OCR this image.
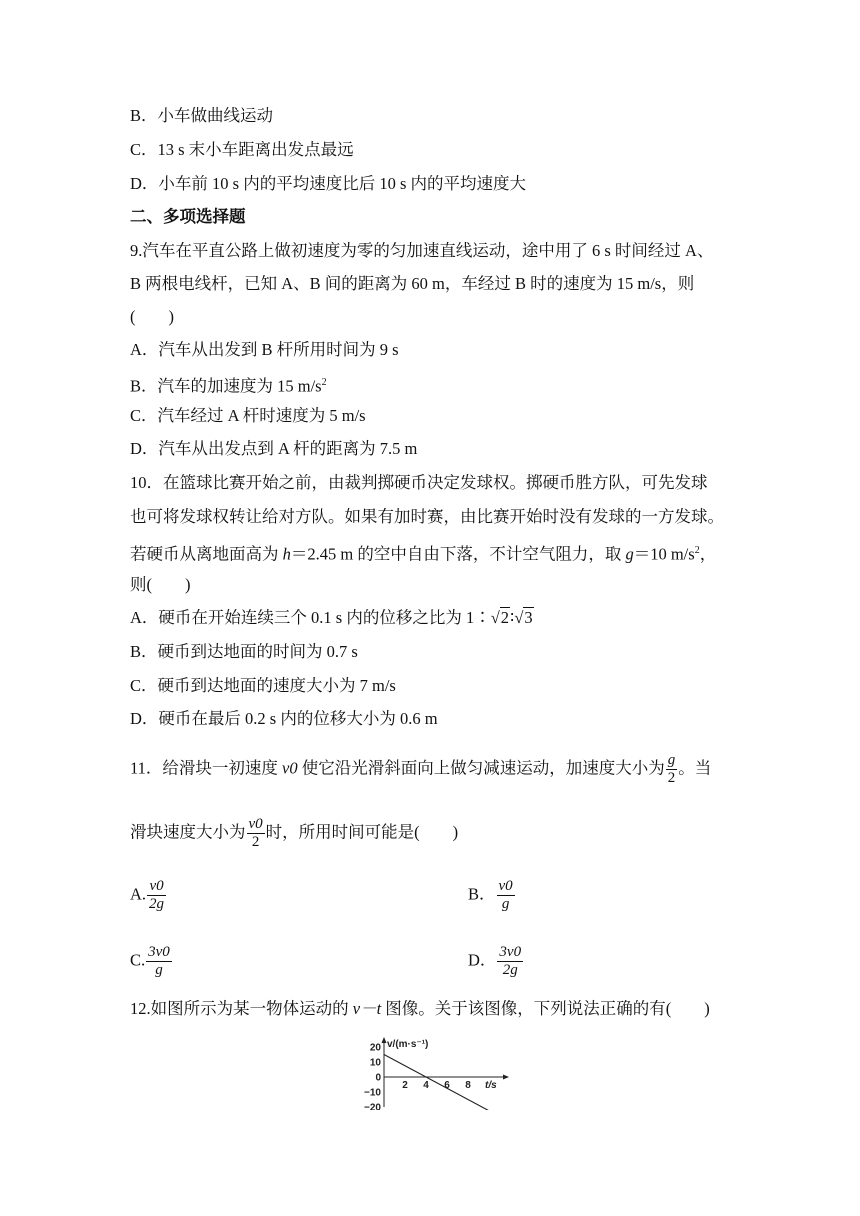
B．小车做曲线运动
C．13 s 末小车距离出发点最远
D．小车前 10 s 内的平均速度比后 10 s 内的平均速度大
二、多项选择题
9.汽车在平直公路上做初速度为零的匀加速直线运动，途中用了 6 s 时间经过 A、
B 两根电线杆，已知 A、B 间的距离为 60 m，车经过 B 时的速度为 15 m/s，则
(　　)
A．汽车从出发到 B 杆所用时间为 9 s
B．汽车的加速度为 15 $m/s^2$
C．汽车经过 A 杆时速度为 5 m/s
D．汽车从出发点到 A 杆的距离为 7.5 m
10．在篮球比赛开始之前，由裁判掷硬币决定发球权。掷硬币胜方队，可先发球
也可将发球权转让给对方队。如果有加时赛，由比赛开始时没有发球的一方发球。
若硬币从离地面高为 h＝2.45 m 的空中自由下落，不计空气阻力，取 g＝10 $m/s^2$，
则(　　)
A．硬币在开始连续三个 0.1 s 内的位移之比为 1∶√2∶√3
B．硬币到达地面的时间为 0.7 s
C．硬币到达地面的速度大小为 7 m/s
D．硬币在最后 0.2 s 内的位移大小为 0.6 m
11．给滑块一初速度 v0 使它沿光滑斜面向上做匀减速运动，加速度大小为 $\frac{g}{2}$ 。当
滑块速度大小为 $\frac{v0}{2}$ 时，所用时间可能是(　　)
A. $\frac{v0}{2g}$	B． $\frac{v0}{g}$
C. $\frac{3v0}{g}$	D． $\frac{3v0}{2g}$
12.如图所示为某一物体运动的 v－t 图像。关于该图像，下列说法正确的有(　　)
v/(m·s⁻¹)
t/s
20
10
0
−10
−20
2 4 6 8
